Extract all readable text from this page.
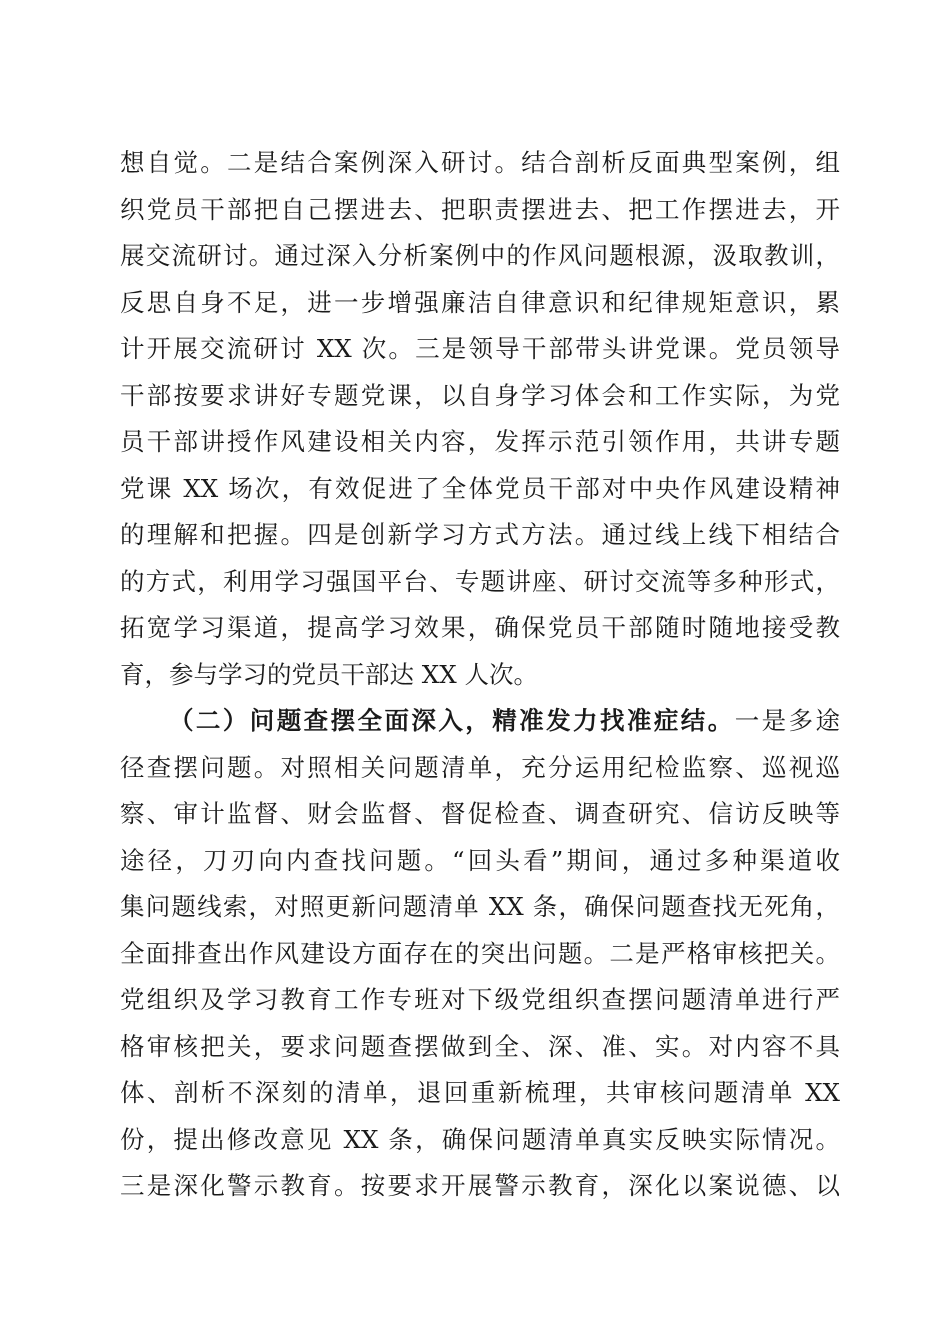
想自觉。二是结合案例深入研讨。结合剖析反面典型案例，组
织党员干部把自己摆进去、把职责摆进去、把工作摆进去，开
展交流研讨。通过深入分析案例中的作风问题根源，汲取教训，
反思自身不足，进一步增强廉洁自律意识和纪律规矩意识，累
计开展交流研讨 XX 次。三是领导干部带头讲党课。党员领导
干部按要求讲好专题党课，以自身学习体会和工作实际，为党
员干部讲授作风建设相关内容，发挥示范引领作用，共讲专题
党课 XX 场次，有效促进了全体党员干部对中央作风建设精神
的理解和把握。四是创新学习方式方法。通过线上线下相结合
的方式，利用学习强国平台、专题讲座、研讨交流等多种形式，
拓宽学习渠道，提高学习效果，确保党员干部随时随地接受教
育，参与学习的党员干部达 XX 人次。
（二）问题查摆全面深入，精准发力找准症结。一是多途
径查摆问题。对照相关问题清单，充分运用纪检监察、巡视巡
察、审计监督、财会监督、督促检查、调查研究、信访反映等
途径，刀刃向内查找问题。“回头看”期间，通过多种渠道收
集问题线索，对照更新问题清单 XX 条，确保问题查找无死角，
全面排查出作风建设方面存在的突出问题。二是严格审核把关。
党组织及学习教育工作专班对下级党组织查摆问题清单进行严
格审核把关，要求问题查摆做到全、深、准、实。对内容不具
体、剖析不深刻的清单，退回重新梳理，共审核问题清单 XX
份，提出修改意见 XX 条，确保问题清单真实反映实际情况。
三是深化警示教育。按要求开展警示教育，深化以案说德、以
